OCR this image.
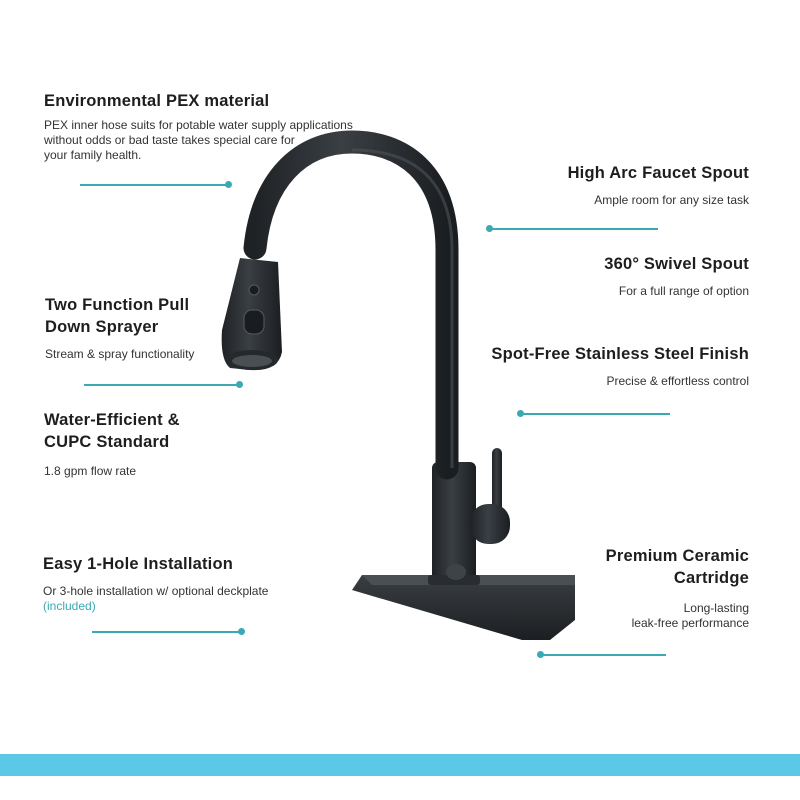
Environmental PEX material
PEX inner hose suits for potable water supply applications
without odds or bad taste takes special care for
your family health.
Two Function Pull
Down Sprayer
Stream & spray functionality
Water-Efficient &
CUPC Standard
1.8 gpm flow rate
Easy 1-Hole Installation
Or 3-hole installation w/ optional deckplate
(included)
High Arc Faucet Spout
Ample room for any size task
360° Swivel Spout
For a full range of option
Spot-Free Stainless Steel Finish
Precise & effortless control
Premium Ceramic
Cartridge
Long-lasting
leak-free performance
